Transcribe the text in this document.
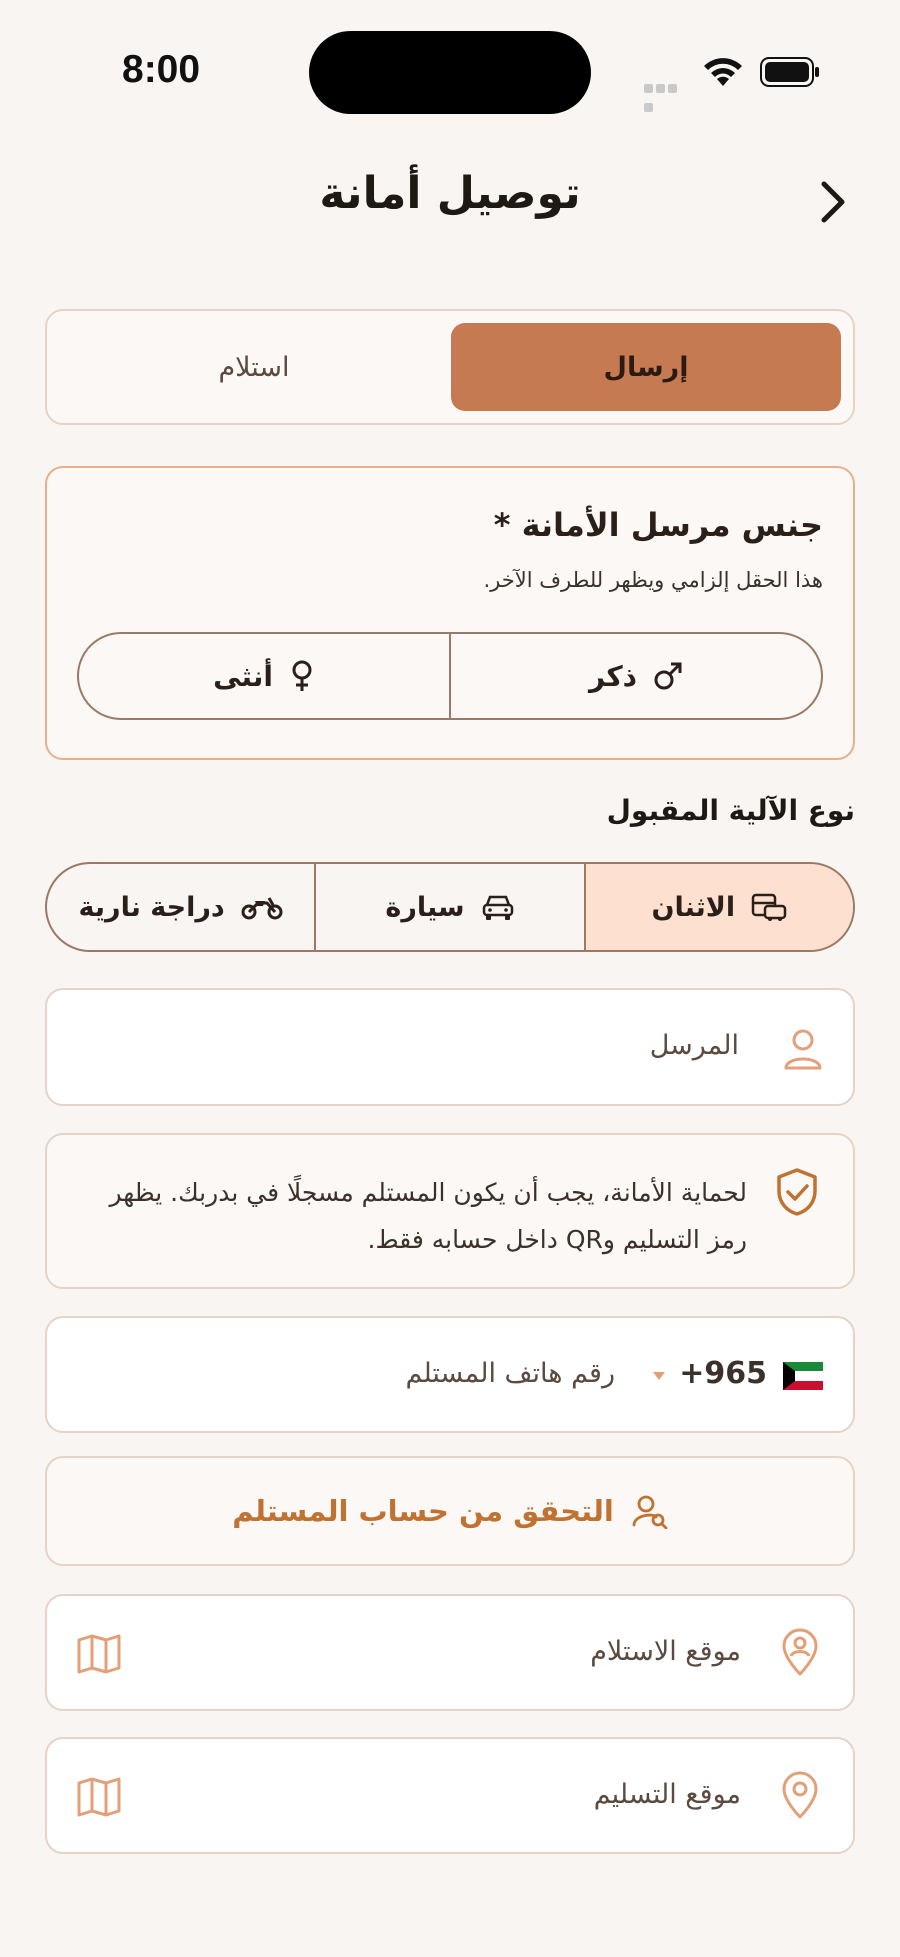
8:00
توصيل أمانة
إرسال
استلام
جنس مرسل الأمانة *
هذا الحقل إلزامي ويظهر للطرف الآخر.
أنثى	ذكر
نوع الآلية المقبول
الاثنان
سيارة
دراجة نارية
المرسل
لحماية الأمانة، يجب أن يكون المستلم مسجلًا في بدربك. يظهر رمز التسليم وQR داخل حسابه فقط.
+965
رقم هاتف المستلم
التحقق من حساب المستلم
موقع الاستلام
موقع التسليم
